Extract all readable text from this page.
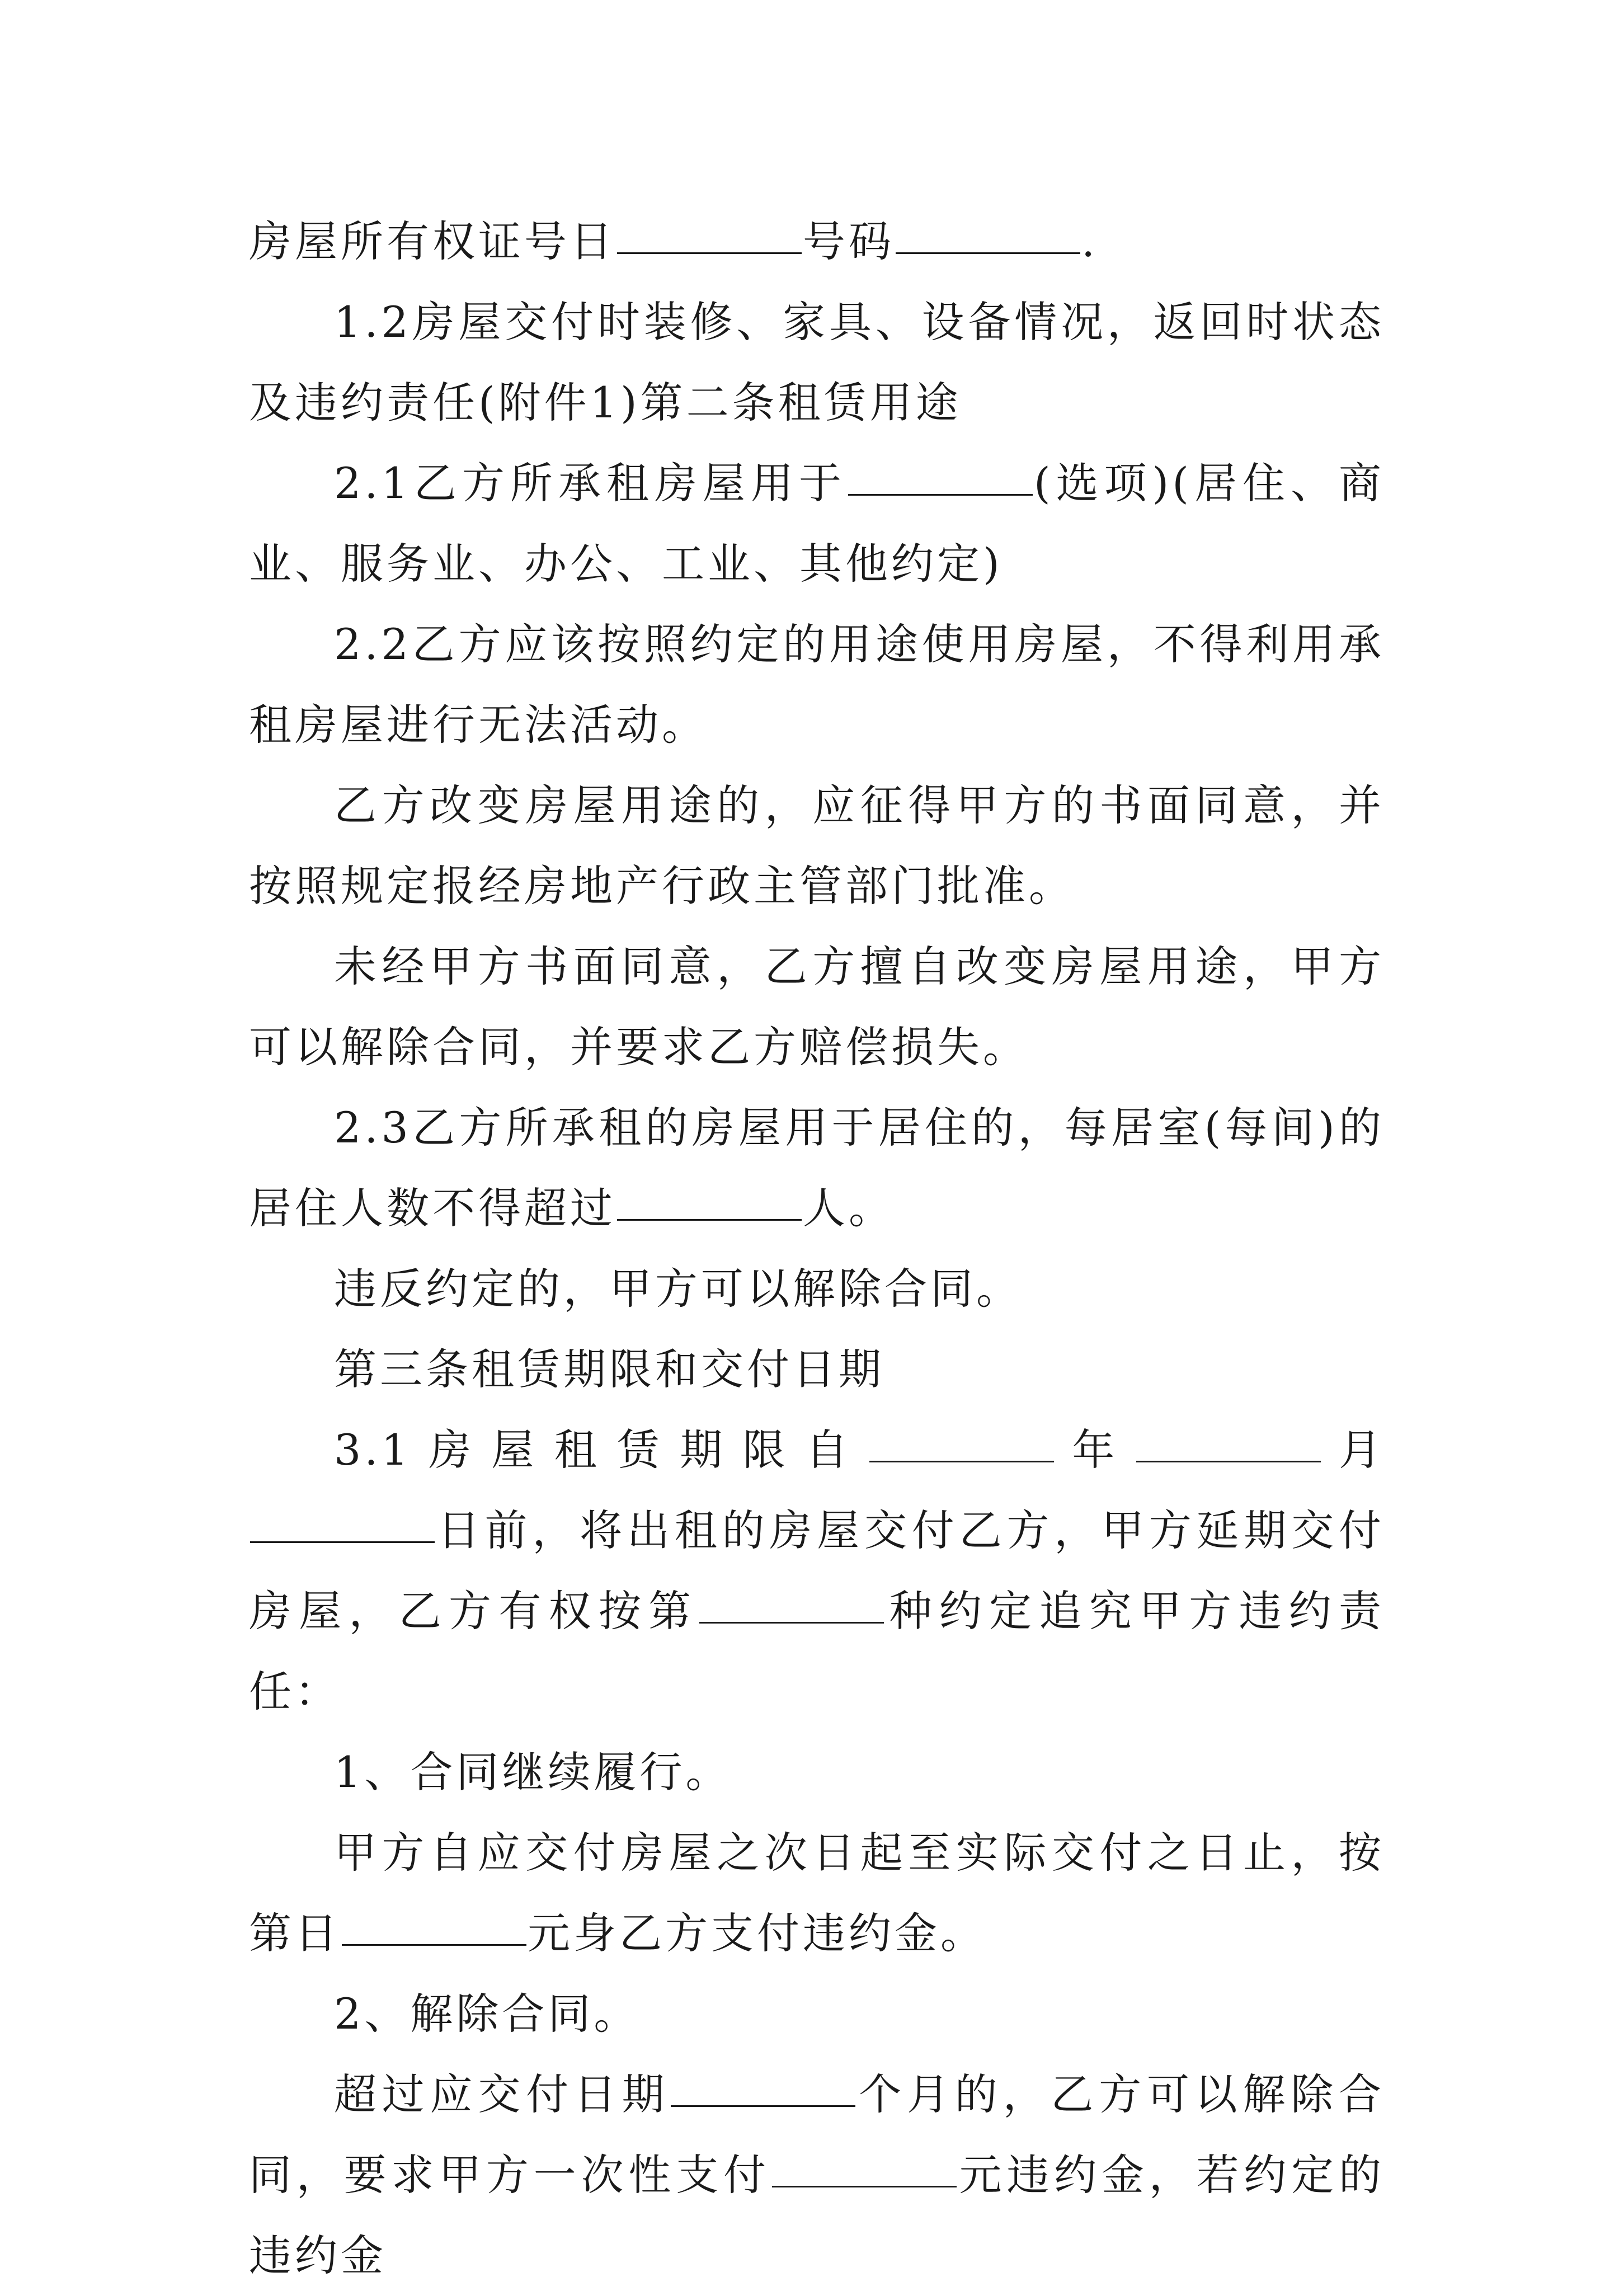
房屋所有权证号日	号码	.

1.2房屋交付时装修、家具、设备情况，返回时状态及违约责任(附件1)第二条租赁用途

2.1乙方所承租房屋用于	(选项)(居住、商业、服务业、办公、工业、其他约定)

2.2乙方应该按照约定的用途使用房屋，不得利用承租房屋进行无法活动。

乙方改变房屋用途的，应征得甲方的书面同意，并按照规定报经房地产行政主管部门批准。

未经甲方书面同意，乙方擅自改变房屋用途，甲方可以解除合同，并要求乙方赔偿损失。

2.3乙方所承租的房屋用于居住的，每居室(每间)的居住人数不得超过	人。

违反约定的，甲方可以解除合同。

第三条租赁期限和交付日期

3.1房屋租赁期限自	年	月日前，将出租的房屋交付乙方，甲方延期交付房屋，乙方有权按第	种约定追究甲方违约责任：

1、合同继续履行。

甲方自应交付房屋之次日起至实际交付之日止，按第日	元身乙方支付违约金。

2、解除合同。

超过应交付日期	个月的，乙方可以解除合同，要求甲方一次性支付	元违约金，若约定的违约金
